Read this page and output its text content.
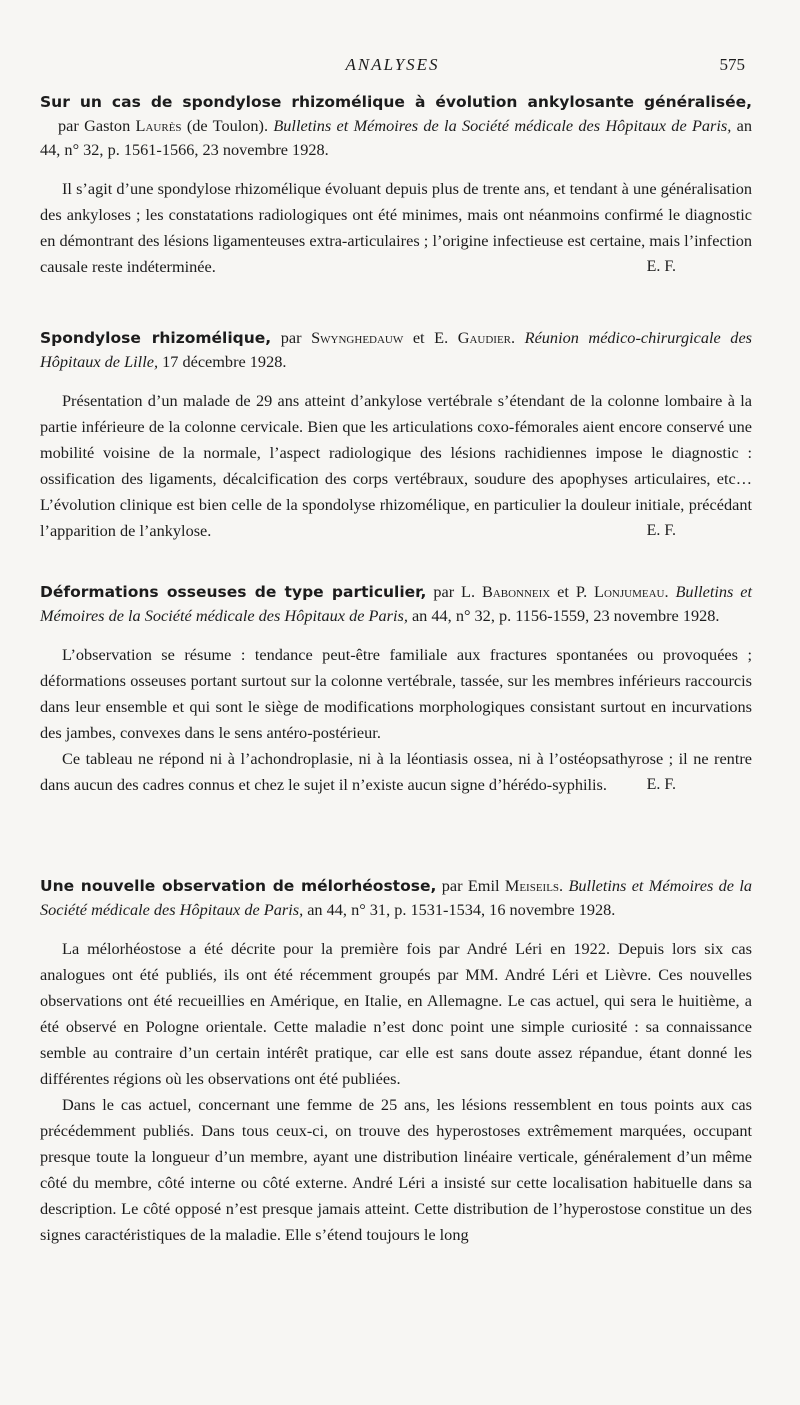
ANALYSES	575

Sur un cas de spondylose rhizomélique à évolution ankylosante généralisée, par Gaston Laurès (de Toulon). Bulletins et Mémoires de la Société médicale des Hôpitaux de Paris, an 44, n° 32, p. 1561-1566, 23 novembre 1928.

Il s’agit d’une spondylose rhizomélique évoluant depuis plus de trente ans, et tendant à une généralisation des ankyloses ; les constatations radiologiques ont été minimes, mais ont néanmoins confirmé le diagnostic en démontrant des lésions ligamenteuses extra-articulaires ; l’origine infectieuse est certaine, mais l’infection causale reste indéterminée.	E. F.

Spondylose rhizomélique, par Swynghedauw et E. Gaudier. Réunion médico-chirurgicale des Hôpitaux de Lille, 17 décembre 1928.

Présentation d’un malade de 29 ans atteint d’ankylose vertébrale s’étendant de la colonne lombaire à la partie inférieure de la colonne cervicale. Bien que les articulations coxo-fémorales aient encore conservé une mobilité voisine de la normale, l’aspect radiologique des lésions rachidiennes impose le diagnostic : ossification des ligaments, décalcification des corps vertébraux, soudure des apophyses articulaires, etc… L’évolution clinique est bien celle de la spondolyse rhizomélique, en particulier la douleur initiale, précédant l’apparition de l’ankylose.	E. F.

Déformations osseuses de type particulier, par L. Babonneix et P. Lonjumeau. Bulletins et Mémoires de la Société médicale des Hôpitaux de Paris, an 44, n° 32, p. 1156-1559, 23 novembre 1928.

L’observation se résume : tendance peut-être familiale aux fractures spontanées ou provoquées ; déformations osseuses portant surtout sur la colonne vertébrale, tassée, sur les membres inférieurs raccourcis dans leur ensemble et qui sont le siège de modifications morphologiques consistant surtout en incurvations des jambes, convexes dans le sens antéro-postérieur.

Ce tableau ne répond ni à l’achondroplasie, ni à la léontiasis ossea, ni à l’ostéopsathyrose ; il ne rentre dans aucun des cadres connus et chez le sujet il n’existe aucun signe d’hérédo-syphilis.	E. F.

Une nouvelle observation de mélorhéostose, par Emil Meiseils. Bulletins et Mémoires de la Société médicale des Hôpitaux de Paris, an 44, n° 31, p. 1531-1534, 16 novembre 1928.

La mélorhéostose a été décrite pour la première fois par André Léri en 1922. Depuis lors six cas analogues ont été publiés, ils ont été récemment groupés par MM. André Léri et Lièvre. Ces nouvelles observations ont été recueillies en Amérique, en Italie, en Allemagne. Le cas actuel, qui sera le huitième, a été observé en Pologne orientale. Cette maladie n’est donc point une simple curiosité : sa connaissance semble au contraire d’un certain intérêt pratique, car elle est sans doute assez répandue, étant donné les différentes régions où les observations ont été publiées.

Dans le cas actuel, concernant une femme de 25 ans, les lésions ressemblent en tous points aux cas précédemment publiés. Dans tous ceux-ci, on trouve des hyperostoses extrêmement marquées, occupant presque toute la longueur d’un membre, ayant une distribution linéaire verticale, généralement d’un même côté du membre, côté interne ou côté externe. André Léri a insisté sur cette localisation habituelle dans sa description. Le côté opposé n’est presque jamais atteint. Cette distribution de l’hyperostose constitue un des signes caractéristiques de la maladie. Elle s’étend toujours le long
